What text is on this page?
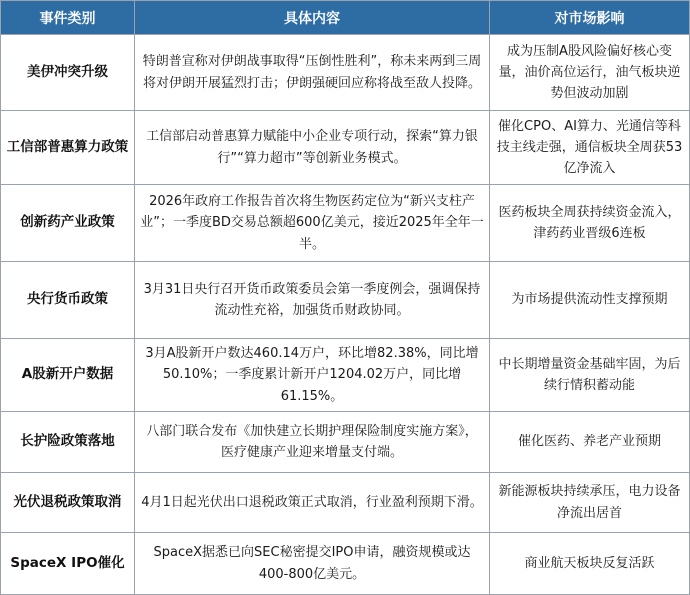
事件类别	具体内容	对市场影响
美伊冲突升级	特朗普宣称对伊朗战事取得“压倒性胜利”，称未来两到三周将对伊朗开展猛烈打击；伊朗强硬回应称将战至敌人投降。	成为压制A股风险偏好核心变量，油价高位运行，油气板块逆势但波动加剧
工信部普惠算力政策	工信部启动普惠算力赋能中小企业专项行动，探索“算力银行”“算力超市”等创新业务模式。	催化CPO、AI算力、光通信等科技主线走强，通信板块全周获53亿净流入
创新药产业政策	2026年政府工作报告首次将生物医药定位为“新兴支柱产业”；一季度BD交易总额超600亿美元，接近2025年全年一半。	医药板块全周获持续资金流入，津药药业晋级6连板
央行货币政策	3月31日央行召开货币政策委员会第一季度例会，强调保持流动性充裕，加强货币财政协同。	为市场提供流动性支撑预期
A股新开户数据	3月A股新开户数达460.14万户，环比增82.38%，同比增50.10%；一季度累计新开户1204.02万户，同比增61.15%。	中长期增量资金基础牢固，为后续行情积蓄动能
长护险政策落地	八部门联合发布《加快建立长期护理保险制度实施方案》，医疗健康产业迎来增量支付端。	催化医药、养老产业预期
光伏退税政策取消	4月1日起光伏出口退税政策正式取消，行业盈利预期下滑。	新能源板块持续承压，电力设备净流出居首
SpaceX IPO催化	SpaceX据悉已向SEC秘密提交IPO申请，融资规模或达400-800亿美元。	商业航天板块反复活跃
